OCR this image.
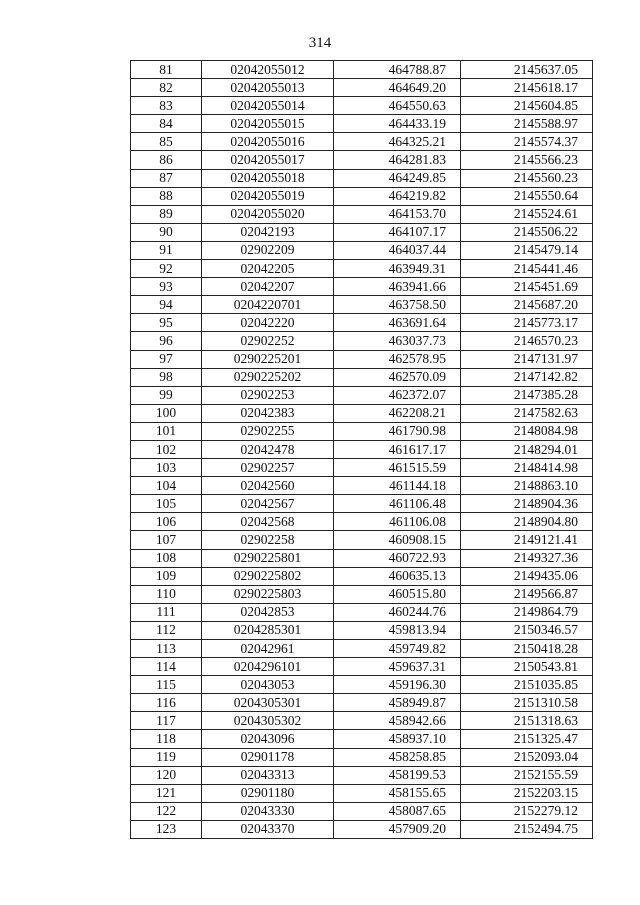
314
81	02042055012	464788.87	2145637.05
82	02042055013	464649.20	2145618.17
83	02042055014	464550.63	2145604.85
84	02042055015	464433.19	2145588.97
85	02042055016	464325.21	2145574.37
86	02042055017	464281.83	2145566.23
87	02042055018	464249.85	2145560.23
88	02042055019	464219.82	2145550.64
89	02042055020	464153.70	2145524.61
90	02042193	464107.17	2145506.22
91	02902209	464037.44	2145479.14
92	02042205	463949.31	2145441.46
93	02042207	463941.66	2145451.69
94	0204220701	463758.50	2145687.20
95	02042220	463691.64	2145773.17
96	02902252	463037.73	2146570.23
97	0290225201	462578.95	2147131.97
98	0290225202	462570.09	2147142.82
99	02902253	462372.07	2147385.28
100	02042383	462208.21	2147582.63
101	02902255	461790.98	2148084.98
102	02042478	461617.17	2148294.01
103	02902257	461515.59	2148414.98
104	02042560	461144.18	2148863.10
105	02042567	461106.48	2148904.36
106	02042568	461106.08	2148904.80
107	02902258	460908.15	2149121.41
108	0290225801	460722.93	2149327.36
109	0290225802	460635.13	2149435.06
110	0290225803	460515.80	2149566.87
111	02042853	460244.76	2149864.79
112	0204285301	459813.94	2150346.57
113	02042961	459749.82	2150418.28
114	0204296101	459637.31	2150543.81
115	02043053	459196.30	2151035.85
116	0204305301	458949.87	2151310.58
117	0204305302	458942.66	2151318.63
118	02043096	458937.10	2151325.47
119	02901178	458258.85	2152093.04
120	02043313	458199.53	2152155.59
121	02901180	458155.65	2152203.15
122	02043330	458087.65	2152279.12
123	02043370	457909.20	2152494.75
